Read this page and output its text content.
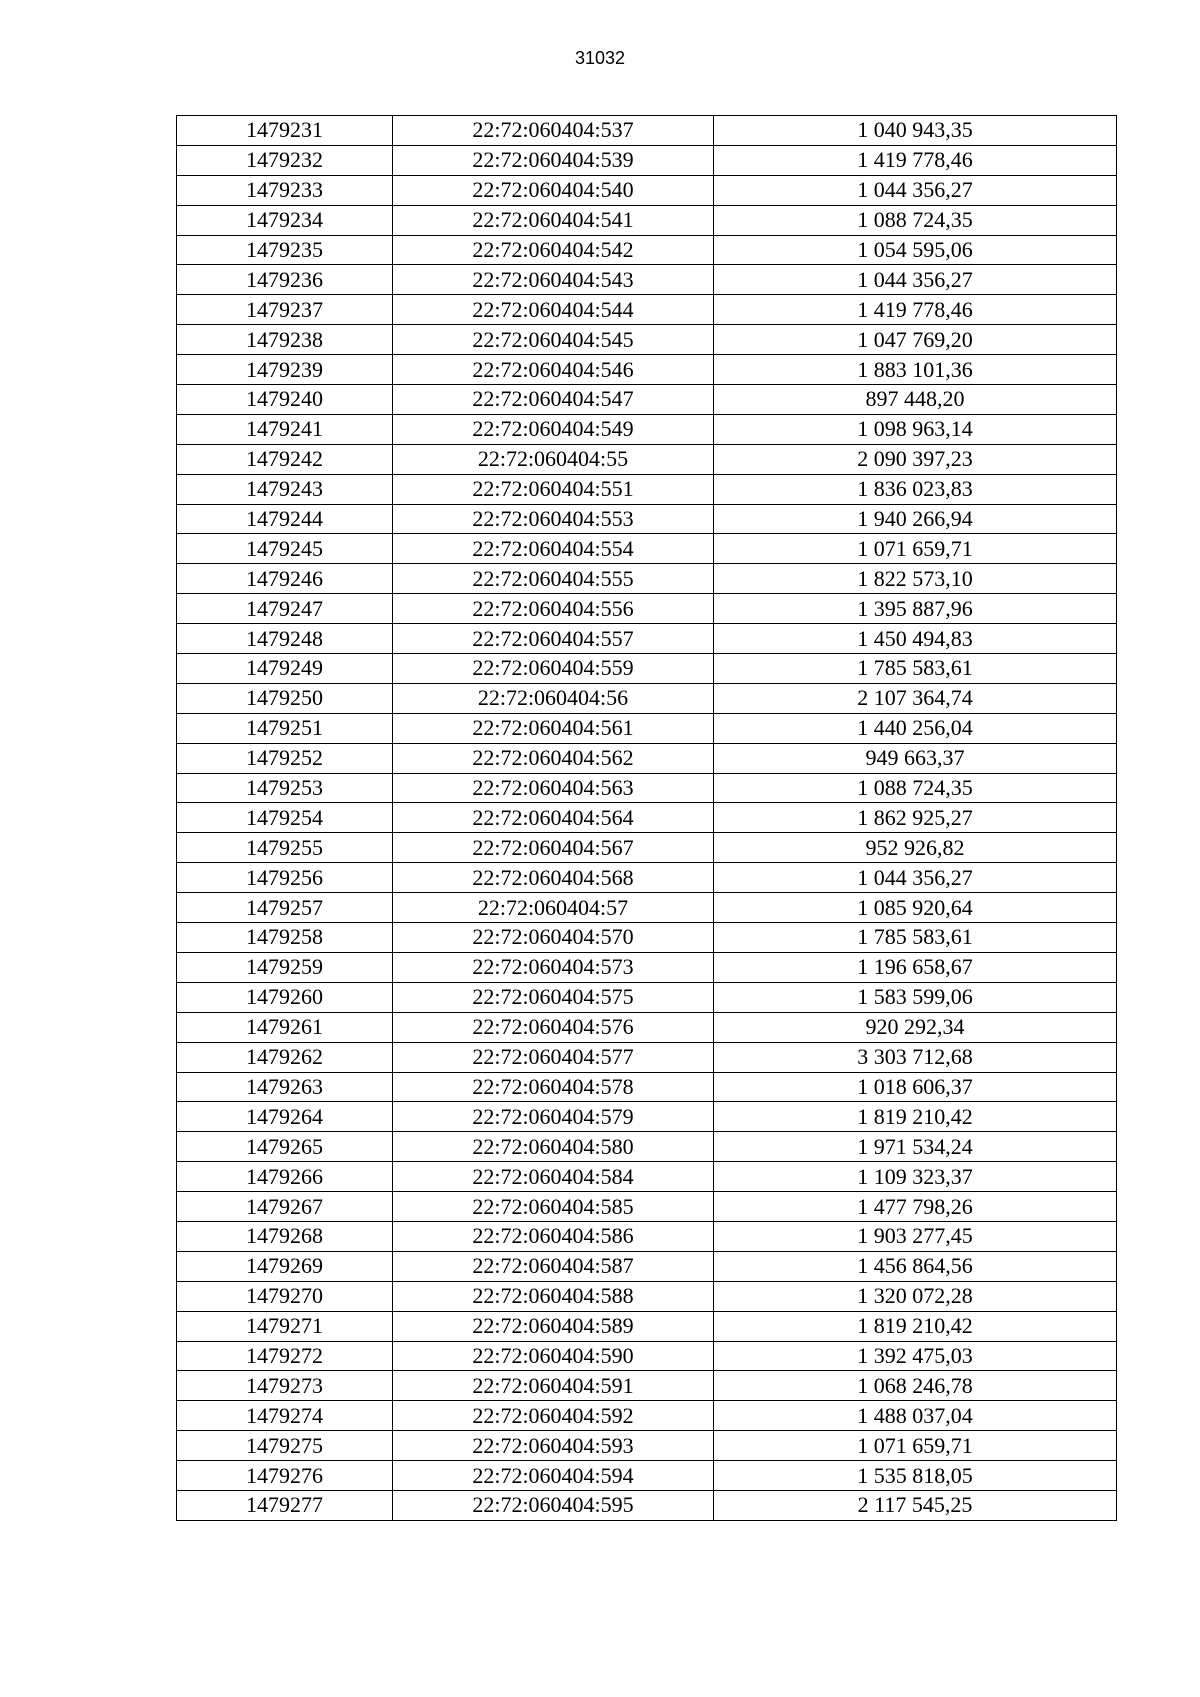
31032
1479231	22:72:060404:537	1 040 943,35
1479232	22:72:060404:539	1 419 778,46
1479233	22:72:060404:540	1 044 356,27
1479234	22:72:060404:541	1 088 724,35
1479235	22:72:060404:542	1 054 595,06
1479236	22:72:060404:543	1 044 356,27
1479237	22:72:060404:544	1 419 778,46
1479238	22:72:060404:545	1 047 769,20
1479239	22:72:060404:546	1 883 101,36
1479240	22:72:060404:547	897 448,20
1479241	22:72:060404:549	1 098 963,14
1479242	22:72:060404:55	2 090 397,23
1479243	22:72:060404:551	1 836 023,83
1479244	22:72:060404:553	1 940 266,94
1479245	22:72:060404:554	1 071 659,71
1479246	22:72:060404:555	1 822 573,10
1479247	22:72:060404:556	1 395 887,96
1479248	22:72:060404:557	1 450 494,83
1479249	22:72:060404:559	1 785 583,61
1479250	22:72:060404:56	2 107 364,74
1479251	22:72:060404:561	1 440 256,04
1479252	22:72:060404:562	949 663,37
1479253	22:72:060404:563	1 088 724,35
1479254	22:72:060404:564	1 862 925,27
1479255	22:72:060404:567	952 926,82
1479256	22:72:060404:568	1 044 356,27
1479257	22:72:060404:57	1 085 920,64
1479258	22:72:060404:570	1 785 583,61
1479259	22:72:060404:573	1 196 658,67
1479260	22:72:060404:575	1 583 599,06
1479261	22:72:060404:576	920 292,34
1479262	22:72:060404:577	3 303 712,68
1479263	22:72:060404:578	1 018 606,37
1479264	22:72:060404:579	1 819 210,42
1479265	22:72:060404:580	1 971 534,24
1479266	22:72:060404:584	1 109 323,37
1479267	22:72:060404:585	1 477 798,26
1479268	22:72:060404:586	1 903 277,45
1479269	22:72:060404:587	1 456 864,56
1479270	22:72:060404:588	1 320 072,28
1479271	22:72:060404:589	1 819 210,42
1479272	22:72:060404:590	1 392 475,03
1479273	22:72:060404:591	1 068 246,78
1479274	22:72:060404:592	1 488 037,04
1479275	22:72:060404:593	1 071 659,71
1479276	22:72:060404:594	1 535 818,05
1479277	22:72:060404:595	2 117 545,25
